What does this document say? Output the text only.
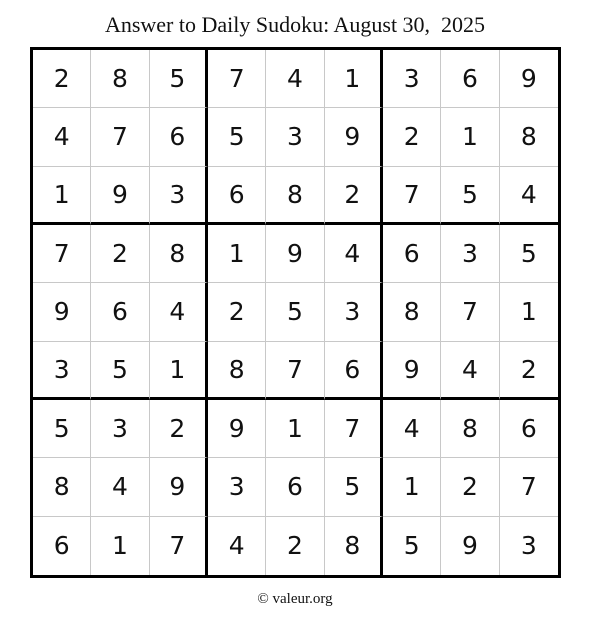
Answer to Daily Sudoku: August 30,  2025
2	8	5	7	4	1	3	6	9
4	7	6	5	3	9	2	1	8
1	9	3	6	8	2	7	5	4
7	2	8	1	9	4	6	3	5
9	6	4	2	5	3	8	7	1
3	5	1	8	7	6	9	4	2
5	3	2	9	1	7	4	8	6
8	4	9	3	6	5	1	2	7
6	1	7	4	2	8	5	9	3
© valeur.org
